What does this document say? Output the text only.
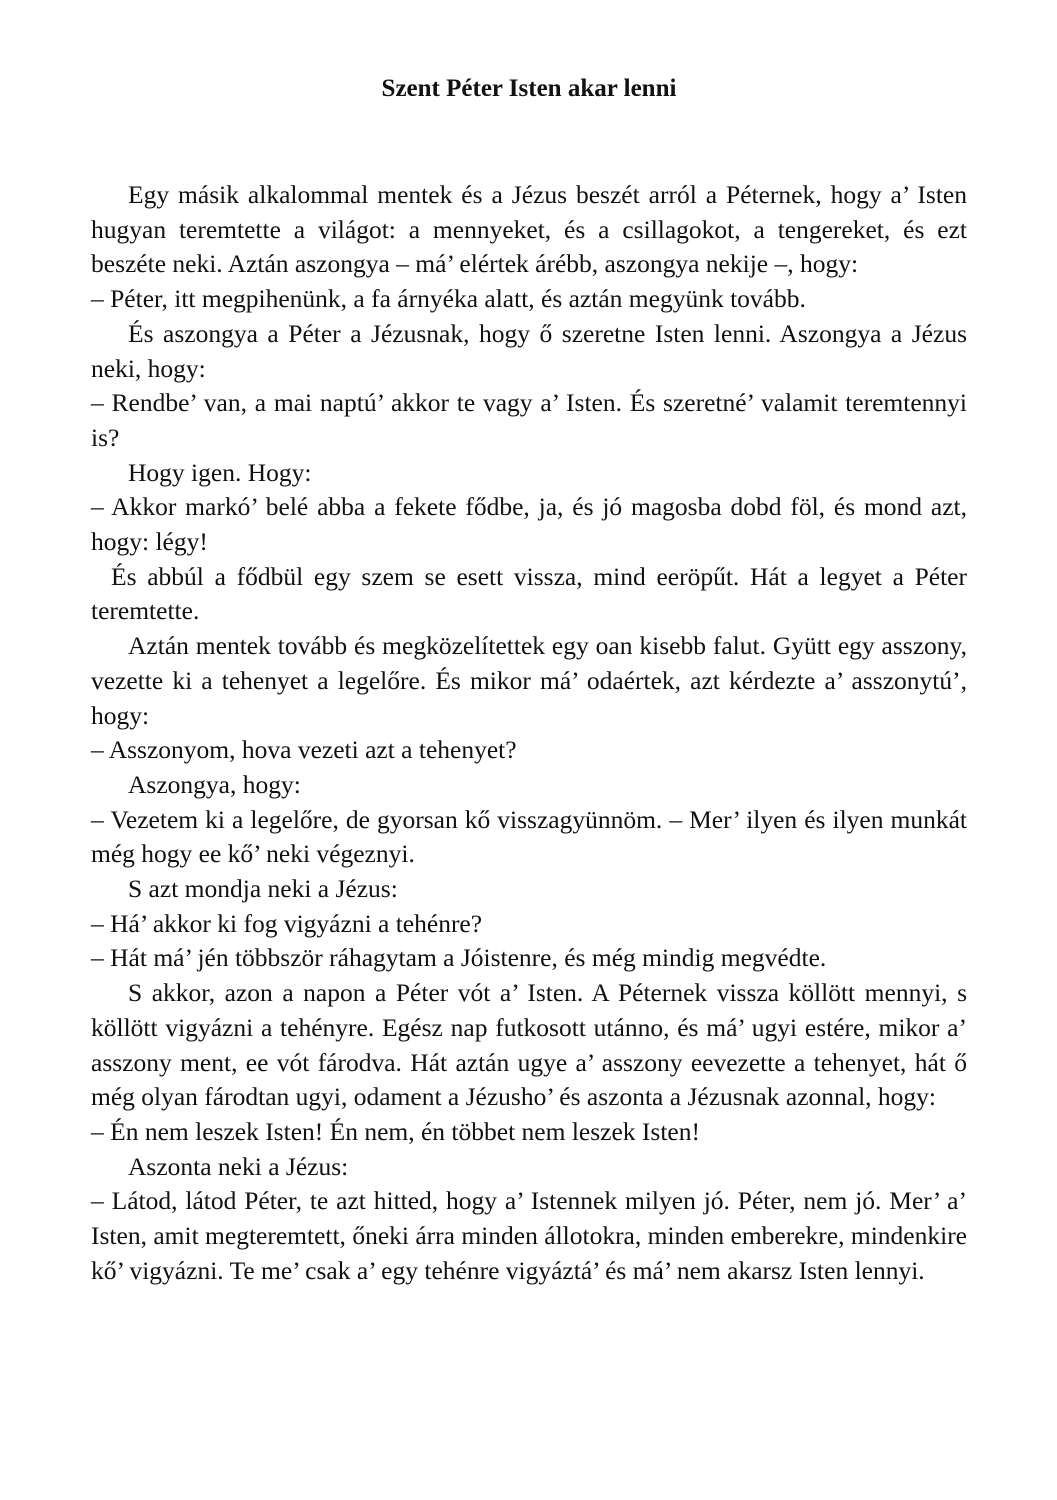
Szent Péter Isten akar lenni

Egy másik alkalommal mentek és a Jézus beszét arról a Péternek, hogy a’ Isten hugyan teremtette a világot: a mennyeket, és a csillagokot, a tengereket, és ezt beszéte neki. Aztán aszongya – má’ elértek árébb, aszongya nekije –, hogy:

– Péter, itt megpihenünk, a fa árnyéka alatt, és aztán megyünk tovább.

És aszongya a Péter a Jézusnak, hogy ő szeretne Isten lenni. Aszongya a Jézus neki, hogy:

– Rendbe’ van, a mai naptú’ akkor te vagy a’ Isten. És szeretné’ valamit teremtennyi is?

Hogy igen. Hogy:

– Akkor markó’ belé abba a fekete fődbe, ja, és jó magosba dobd föl, és mond azt, hogy: légy!

És abbúl a fődbül egy szem se esett vissza, mind eeröpűt. Hát a legyet a Péter teremtette.

Aztán mentek tovább és megközelítettek egy oan kisebb falut. Gyütt egy asszony, vezette ki a tehenyet a legelőre. És mikor má’ odaértek, azt kérdezte a’ asszonytú’, hogy:

– Asszonyom, hova vezeti azt a tehenyet?

Aszongya, hogy:

– Vezetem ki a legelőre, de gyorsan kő visszagyünnöm. – Mer’ ilyen és ilyen munkát még hogy ee kő’ neki végeznyi.

S azt mondja neki a Jézus:

– Há’ akkor ki fog vigyázni a tehénre?

– Hát má’ jén többször ráhagytam a Jóistenre, és még mindig megvédte.

S akkor, azon a napon a Péter vót a’ Isten. A Péternek vissza köllött mennyi, s köllött vigyázni a tehényre. Egész nap futkosott utánno, és má’ ugyi estére, mikor a’ asszony ment, ee vót fárodva. Hát aztán ugye a’ asszony eevezette a tehenyet, hát ő még olyan fárodtan ugyi, odament a Jézusho’ és aszonta a Jézusnak azonnal, hogy:

– Én nem leszek Isten! Én nem, én többet nem leszek Isten!

Aszonta neki a Jézus:

– Látod, látod Péter, te azt hitted, hogy a’ Istennek milyen jó. Péter, nem jó. Mer’ a’ Isten, amit megteremtett, őneki árra minden állotokra, minden emberekre, mindenkire kő’ vigyázni. Te me’ csak a’ egy tehénre vigyáztá’ és má’ nem akarsz Isten lennyi.
